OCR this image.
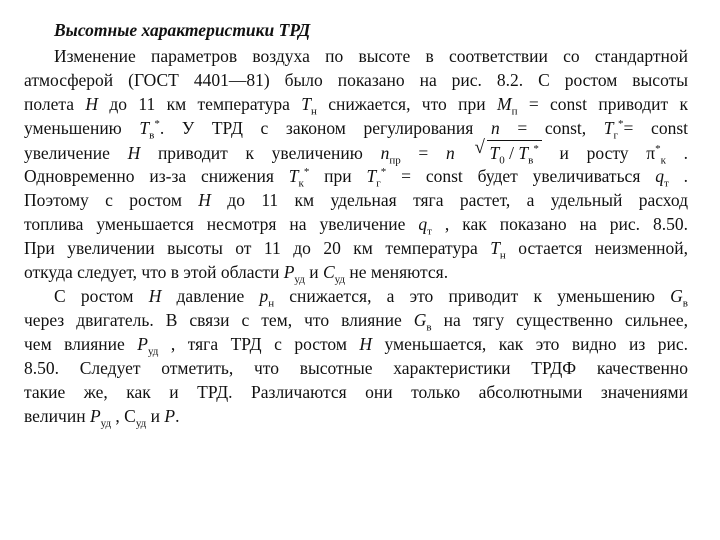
Высотные характеристики ТРД
Изменение параметров воздуха по высоте в соответствии со стандартной
атмосферой (ГОСТ 4401—81) было показано на рис. 8.2. С ростом высоты
полета H до 11 км температура $T_н$ снижается, что при $M_п$ = const приводит к
уменьшению $T_в^*$. У ТРД с законом регулирования n = const, $T_г^*=$ const
увеличение H приводит к увеличению $n_{пр} = n$ √ $T_0 / T_в^*$ и росту $\pi^*_к$ .
Одновременно из-за снижения $T_к^*$ при $T_г^*$ = const будет увеличиваться $q_т$ .
Поэтому с ростом H до 11 км удельная тяга растет, а удельный расход
топлива уменьшается несмотря на увеличение $q_т$ , как показано на рис. 8.50.
При увеличении высоты от 11 до 20 км температура $T_н$ остается неизменной,
откуда следует, что в этой области $P_{уд}$ и $C_{уд}$ не меняются.
С ростом H давление $p_н$ снижается, а это приводит к уменьшению $G_в$
через двигатель. В связи с тем, что влияние $G_в$ на тягу существенно сильнее,
чем влияние $P_{уд}$ , тяга ТРД с ростом H уменьшается, как это видно из рис.
8.50. Следует отметить, что высотные характеристики ТРДФ качественно
такие же, как и ТРД. Различаются они только абсолютными значениями
величин $P_{уд}$ , $С_{уд}$ и P.
